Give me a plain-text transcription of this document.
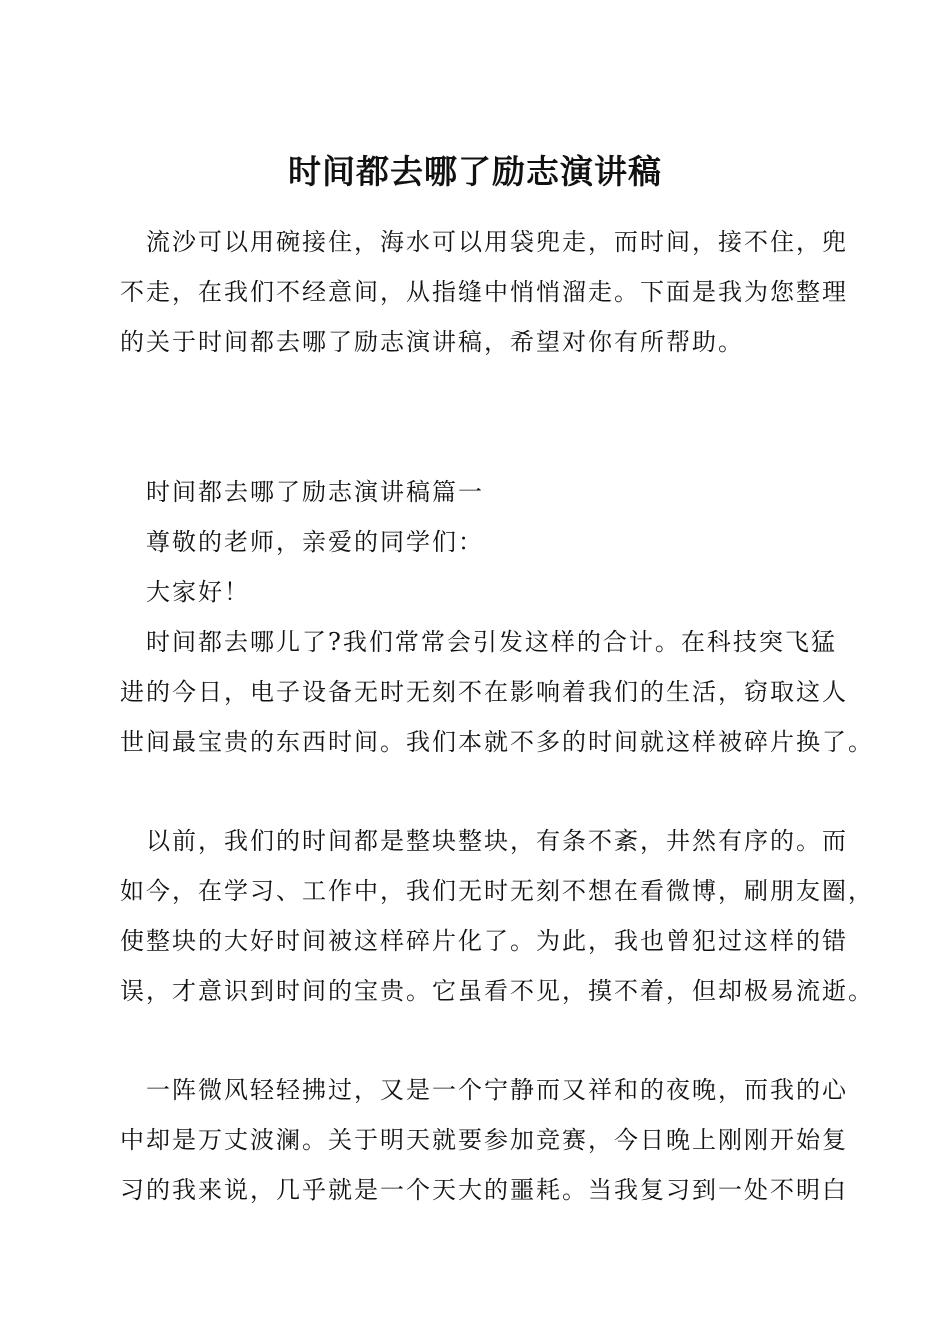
时间都去哪了励志演讲稿
流沙可以用碗接住，海水可以用袋兜走，而时间，接不住，兜
不走，在我们不经意间，从指缝中悄悄溜走。下面是我为您整理
的关于时间都去哪了励志演讲稿，希望对你有所帮助。
时间都去哪了励志演讲稿篇一
尊敬的老师，亲爱的同学们：
大家好！
时间都去哪儿了?我们常常会引发这样的合计。在科技突飞猛
进的今日，电子设备无时无刻不在影响着我们的生活，窃取这人
世间最宝贵的东西时间。我们本就不多的时间就这样被碎片换了。
以前，我们的时间都是整块整块，有条不紊，井然有序的。而
如今，在学习、工作中，我们无时无刻不想在看微博，刷朋友圈，
使整块的大好时间被这样碎片化了。为此，我也曾犯过这样的错
误，才意识到时间的宝贵。它虽看不见，摸不着，但却极易流逝。
一阵微风轻轻拂过，又是一个宁静而又祥和的夜晚，而我的心
中却是万丈波澜。关于明天就要参加竞赛，今日晚上刚刚开始复
习的我来说，几乎就是一个天大的噩耗。当我复习到一处不明白
